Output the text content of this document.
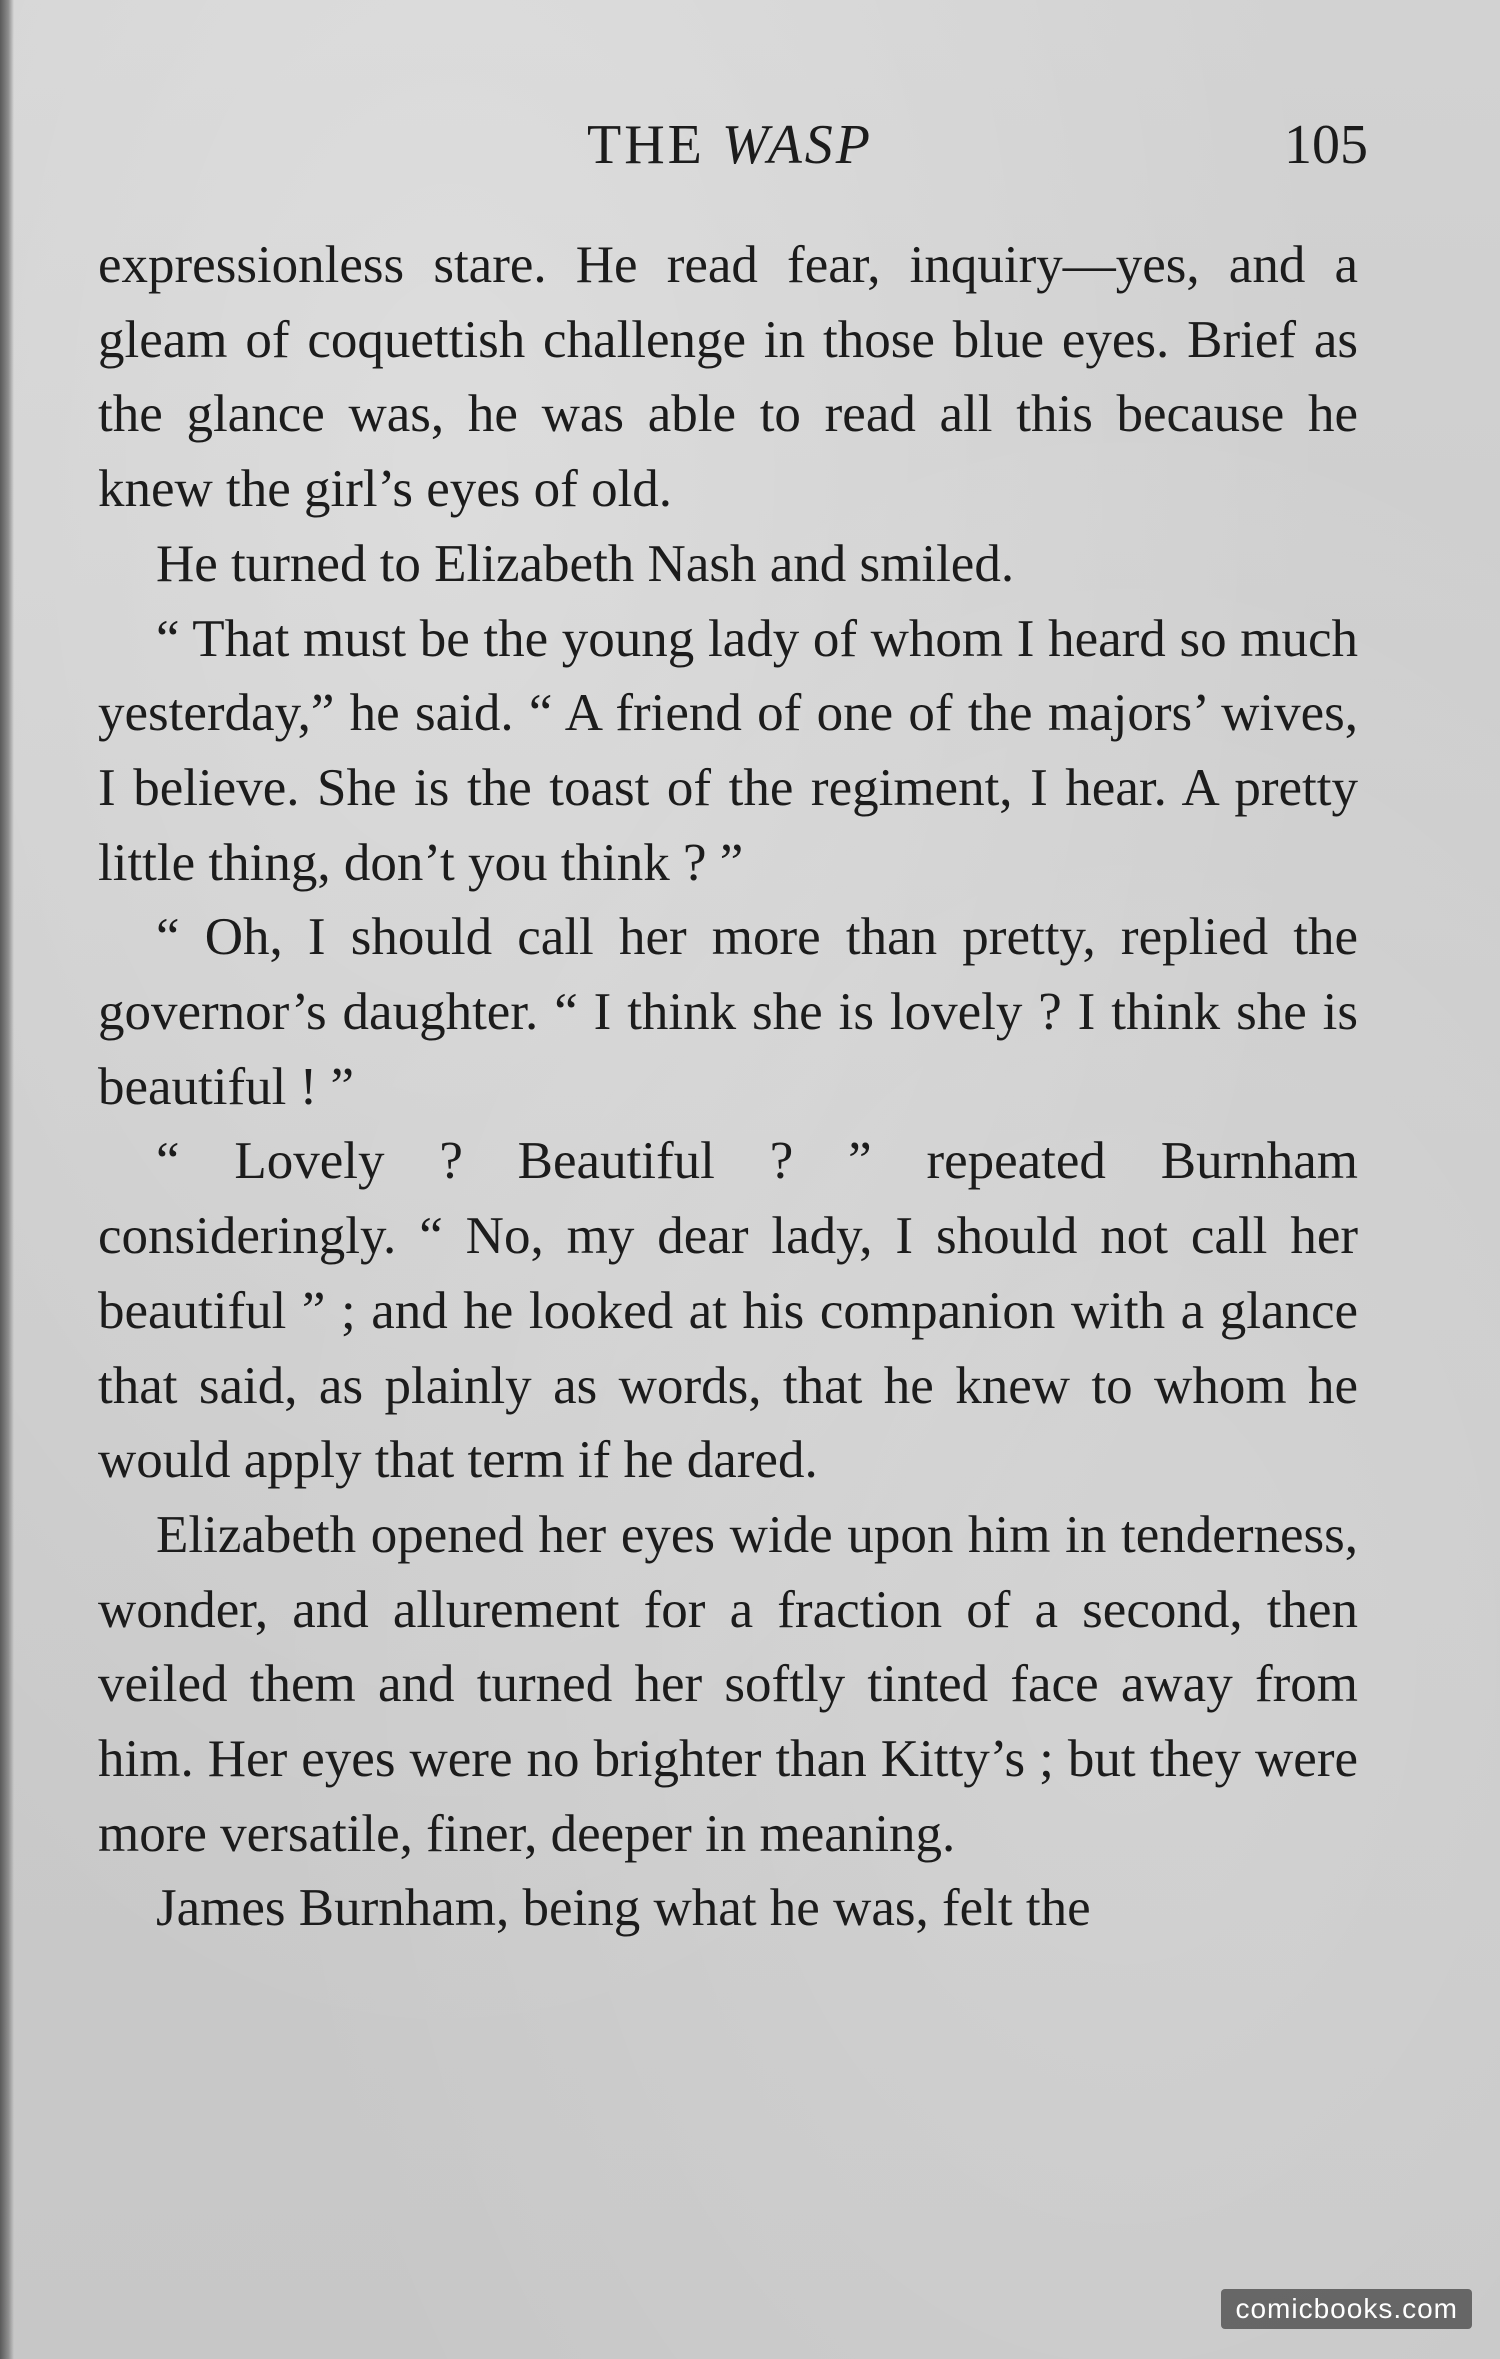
THE WASP	105

expressionless stare. He read fear, inquiry—yes, and a gleam of coquettish challenge in those blue eyes. Brief as the glance was, he was able to read all this because he knew the girl’s eyes of old.

He turned to Elizabeth Nash and smiled.

“ That must be the young lady of whom I heard so much yesterday,” he said. “ A friend of one of the majors’ wives, I believe. She is the toast of the regiment, I hear. A pretty little thing, don’t you think ? ”

“ Oh, I should call her more than pretty, replied the governor’s daughter. “ I think she is lovely ? I think she is beautiful ! ”

“ Lovely ? Beautiful ? ” repeated Burnham consideringly. “ No, my dear lady, I should not call her beautiful ” ; and he looked at his companion with a glance that said, as plainly as words, that he knew to whom he would apply that term if he dared.

Elizabeth opened her eyes wide upon him in tenderness, wonder, and allurement for a fraction of a second, then veiled them and turned her softly tinted face away from him. Her eyes were no brighter than Kitty’s ; but they were more versatile, finer, deeper in meaning.

James Burnham, being what he was, felt the

comicbooks.com
